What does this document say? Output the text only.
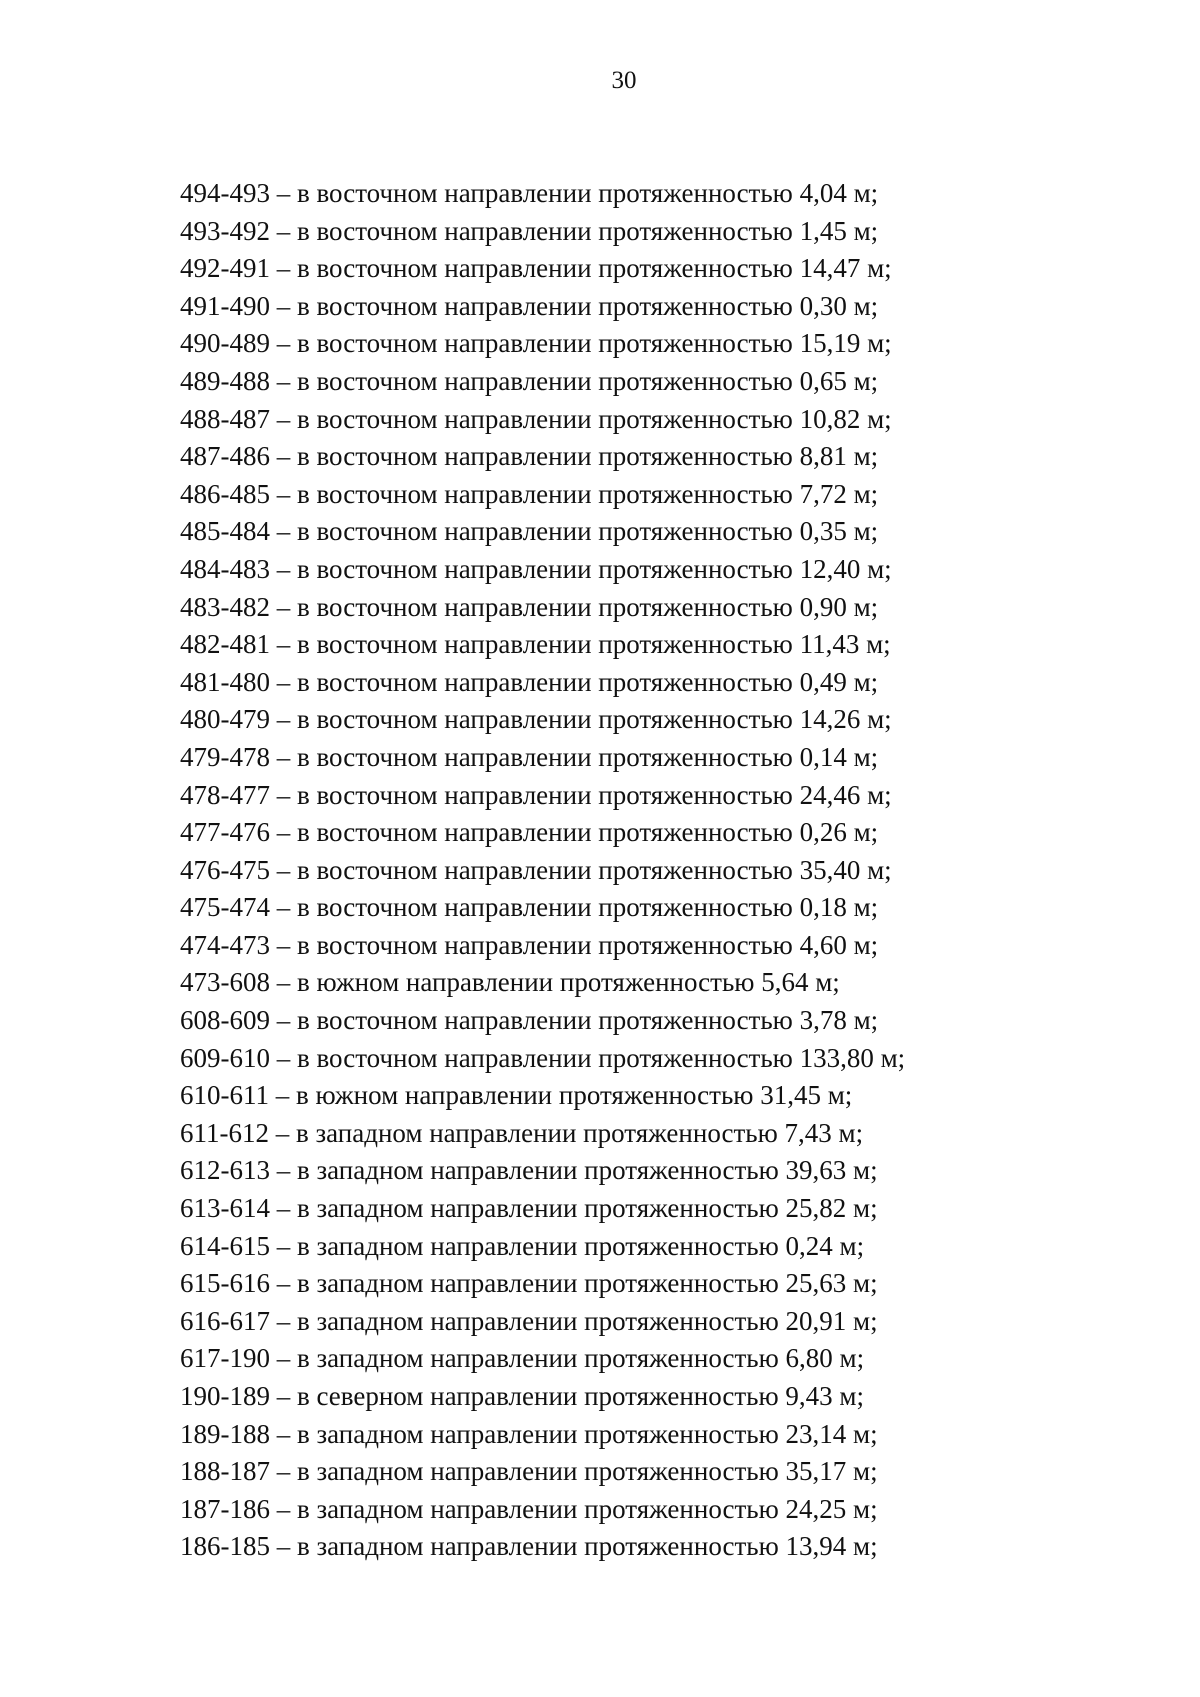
30
494-493 – в восточном направлении протяженностью 4,04 м;
493-492 – в восточном направлении протяженностью 1,45 м;
492-491 – в восточном направлении протяженностью 14,47 м;
491-490 – в восточном направлении протяженностью 0,30 м;
490-489 – в восточном направлении протяженностью 15,19 м;
489-488 – в восточном направлении протяженностью 0,65 м;
488-487 – в восточном направлении протяженностью 10,82 м;
487-486 – в восточном направлении протяженностью 8,81 м;
486-485 – в восточном направлении протяженностью 7,72 м;
485-484 – в восточном направлении протяженностью 0,35 м;
484-483 – в восточном направлении протяженностью 12,40 м;
483-482 – в восточном направлении протяженностью 0,90 м;
482-481 – в восточном направлении протяженностью 11,43 м;
481-480 – в восточном направлении протяженностью 0,49 м;
480-479 – в восточном направлении протяженностью 14,26 м;
479-478 – в восточном направлении протяженностью 0,14 м;
478-477 – в восточном направлении протяженностью 24,46 м;
477-476 – в восточном направлении протяженностью 0,26 м;
476-475 – в восточном направлении протяженностью 35,40 м;
475-474 – в восточном направлении протяженностью 0,18 м;
474-473 – в восточном направлении протяженностью 4,60 м;
473-608 – в южном направлении протяженностью 5,64 м;
608-609 – в восточном направлении протяженностью 3,78 м;
609-610 – в восточном направлении протяженностью 133,80 м;
610-611 – в южном направлении протяженностью 31,45 м;
611-612 – в западном направлении протяженностью 7,43 м;
612-613 – в западном направлении протяженностью 39,63 м;
613-614 – в западном направлении протяженностью 25,82 м;
614-615 – в западном направлении протяженностью 0,24 м;
615-616 – в западном направлении протяженностью 25,63 м;
616-617 – в западном направлении протяженностью 20,91 м;
617-190 – в западном направлении протяженностью 6,80 м;
190-189 – в северном направлении протяженностью 9,43 м;
189-188 – в западном направлении протяженностью 23,14 м;
188-187 – в западном направлении протяженностью 35,17 м;
187-186 – в западном направлении протяженностью 24,25 м;
186-185 – в западном направлении протяженностью 13,94 м;
